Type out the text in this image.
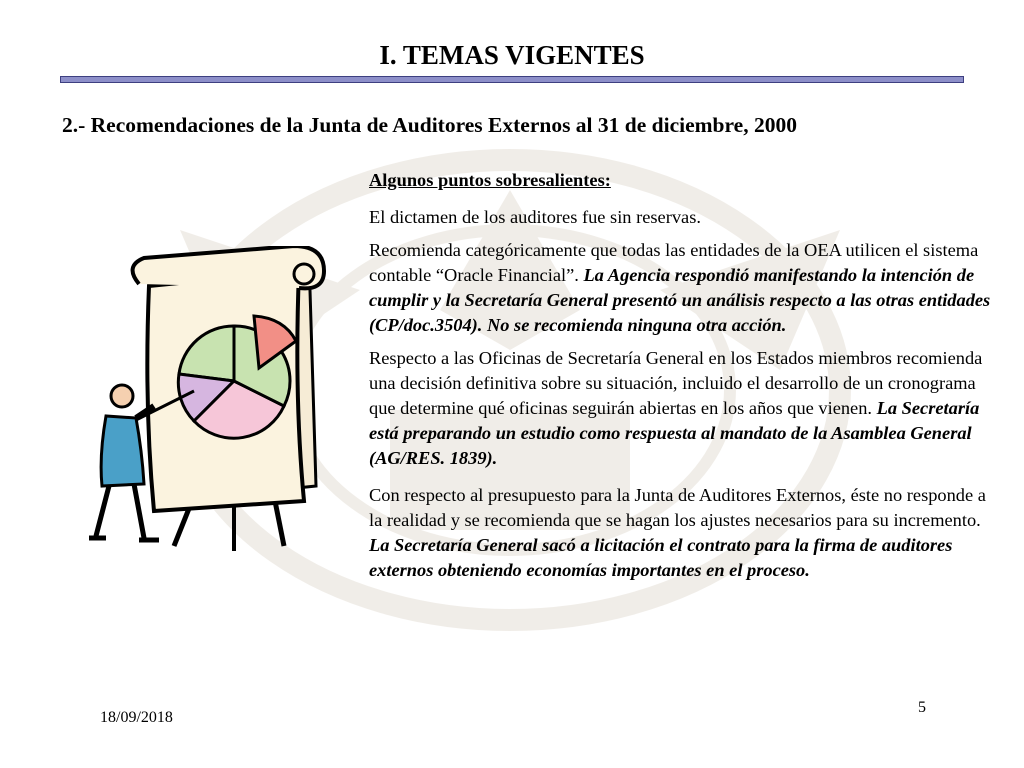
I. TEMAS VIGENTES
2.- Recomendaciones de la Junta de Auditores Externos al 31 de diciembre, 2000

Algunos puntos sobresalientes:

El dictamen de los auditores fue sin reservas.

Recomienda categóricamente que todas las entidades de la OEA utilicen el sistema contable “Oracle Financial”. La Agencia respondió manifestando la intención de cumplir y la Secretaría General presentó un análisis respecto a las otras entidades (CP/doc.3504). No se recomienda ninguna otra acción.

Respecto a las Oficinas de Secretaría General en los Estados miembros recomienda una decisión definitiva sobre su situación, incluido el desarrollo de un cronograma que determine qué oficinas seguirán abiertas en los años que vienen. La Secretaría está preparando un estudio como respuesta al mandato de la Asamblea General (AG/RES. 1839).

Con respecto al presupuesto para la Junta de Auditores Externos, éste no responde a la realidad y se recomienda que se hagan los ajustes necesarios para su incremento. La Secretaría General sacó a licitación el contrato para la firma de auditores externos obteniendo economías importantes en el proceso.

18/09/2018
5
